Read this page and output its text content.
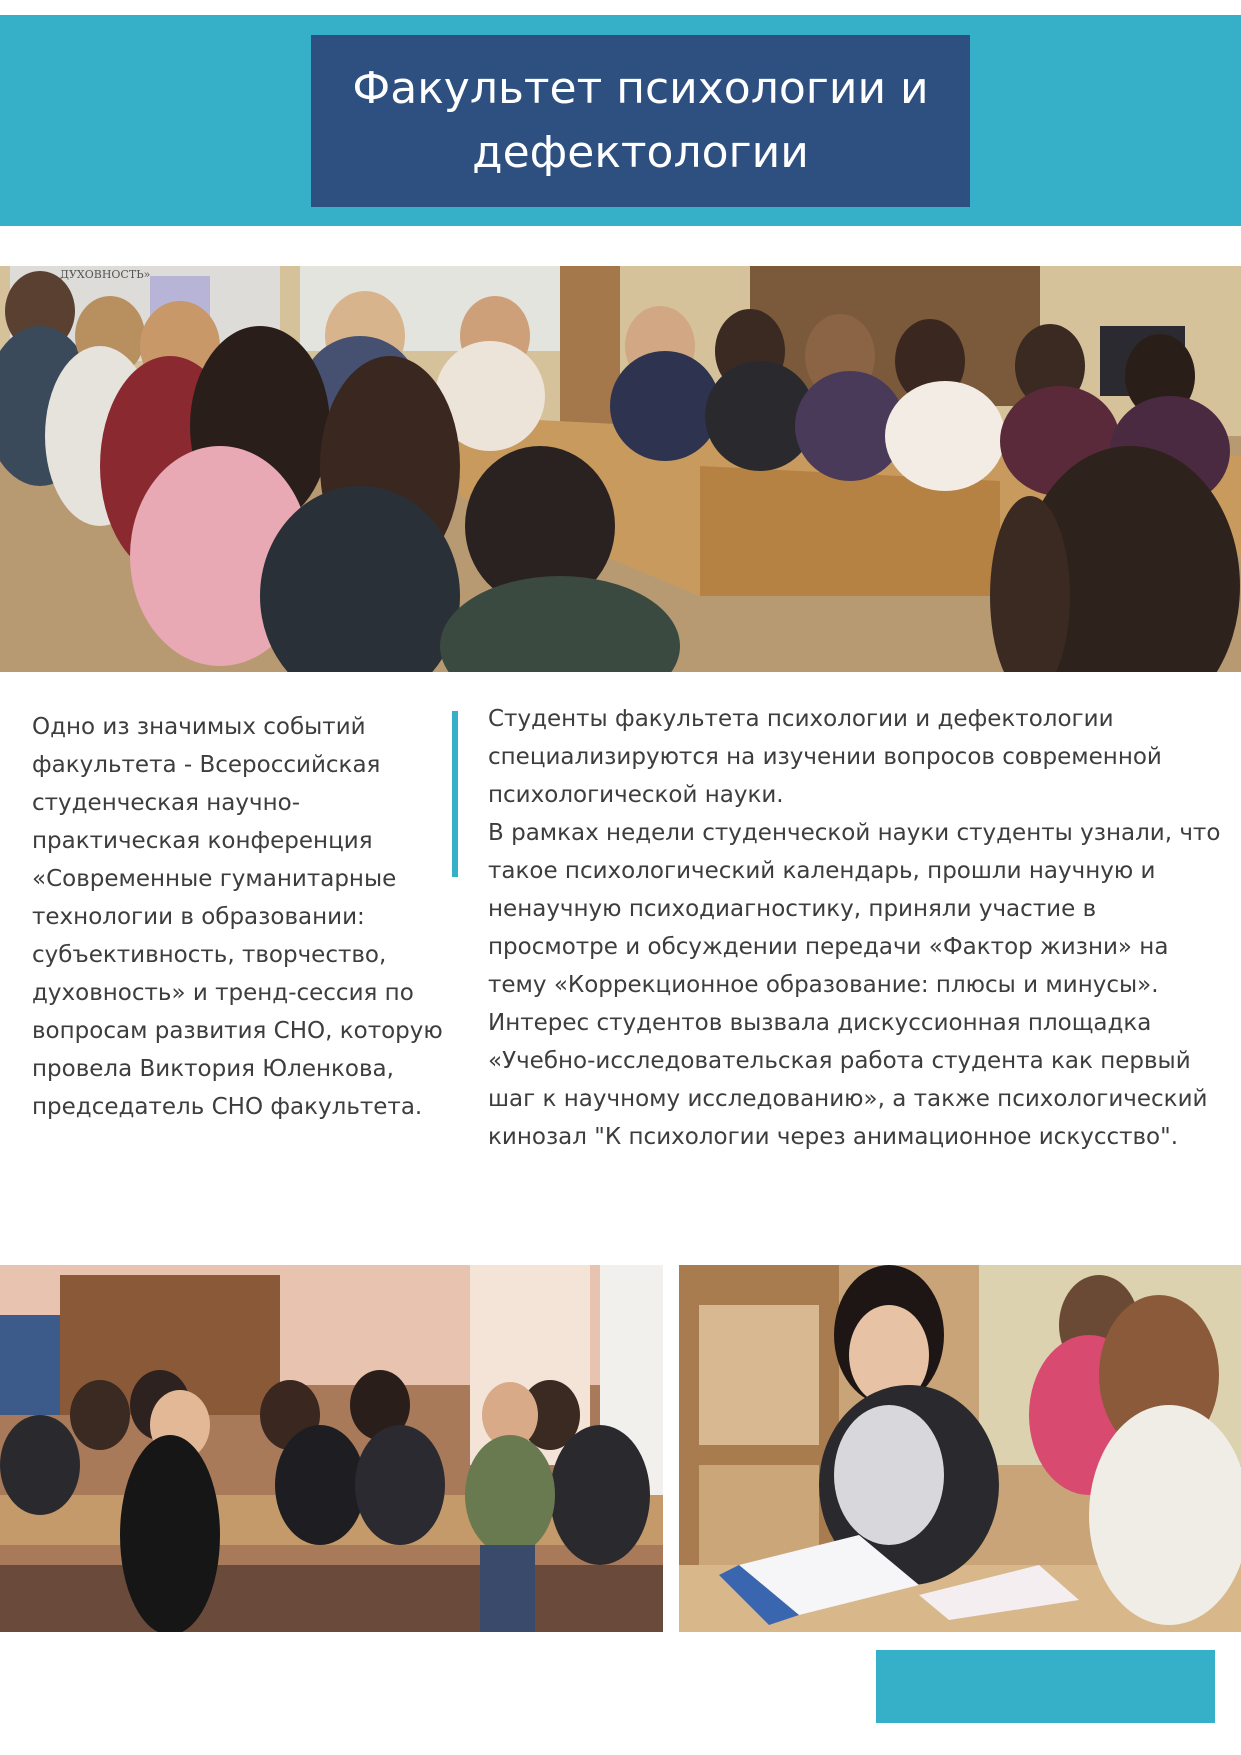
Факультет психологии и дефектологии
ДУХОВНОСТЬ»
Одно из значимых событий факультета - Всероссийская студенческая научно-практическая конференция «Современные гуманитарные технологии в образовании: субъективность, творчество, духовность» и тренд-сессия по вопросам развития СНО, которую провела Виктория Юленкова, председатель СНО факультета.

Студенты факультета психологии и дефектологии специализируются на изучении вопросов современной психологической науки.

В рамках недели студенческой науки студенты узнали, что такое психологический календарь, прошли научную и ненаучную психодиагностику, приняли участие в просмотре и обсуждении передачи «Фактор жизни» на тему «Коррекционное образование: плюсы и минусы».

Интерес студентов вызвала дискуссионная площадка «Учебно-исследовательская работа студента как первый шаг к научному исследованию», а также психологический кинозал "К психологии через анимационное искусство".
